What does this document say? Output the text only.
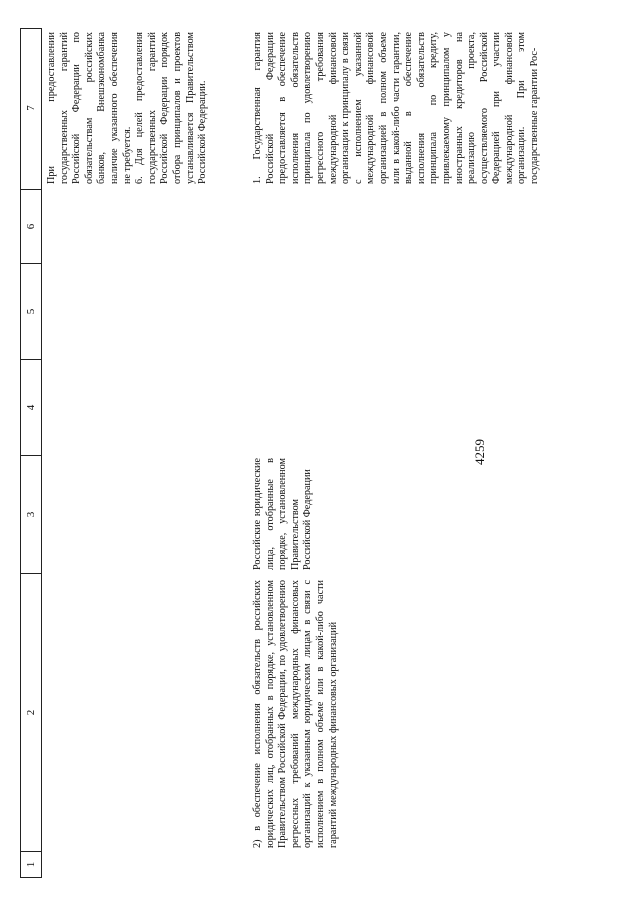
4259
1
2
3
4
5
6
7 При предоставлении государственных гарантий Российской Федерации по обязательствам российских банков, Внешэкономбанка наличие указанного обеспечения не требуется. 6. Для целей предоставления государственных гарантий Российской Федерации порядок отбора принципалов и проектов устанавливается Правительством Российской Федерации.

2) в обеспечение исполнения обязательств российских юридических лиц, отобранных в порядке, установленном Правительством Российской Федерации, по удовлетворению регрессных требований международных финансовых организаций к указанным юридическим лицам в связи с исполнением в полном объеме или в какой-либо части гарантий международных финансовых организаций
Российские юридические лица, отобранные в порядке, установленном Правительством Российской Федерации

1. Государственная гарантия Российской Федерации предоставляется в обеспечение исполнения обязательств принципала по удовлетворению регрессного требования международной финансовой организации к принципалу в связи с исполнением указанной международной финансовой организацией в полном объеме или в какой-либо части гарантии, выданной в обеспечение исполнения обязательств принципала по кредиту, привлекаемому принципалом у иностранных кредиторов на реализацию проекта, осуществляемого Российской Федерацией при участии международной финансовой организации. При этом государственные гарантии Рос-
